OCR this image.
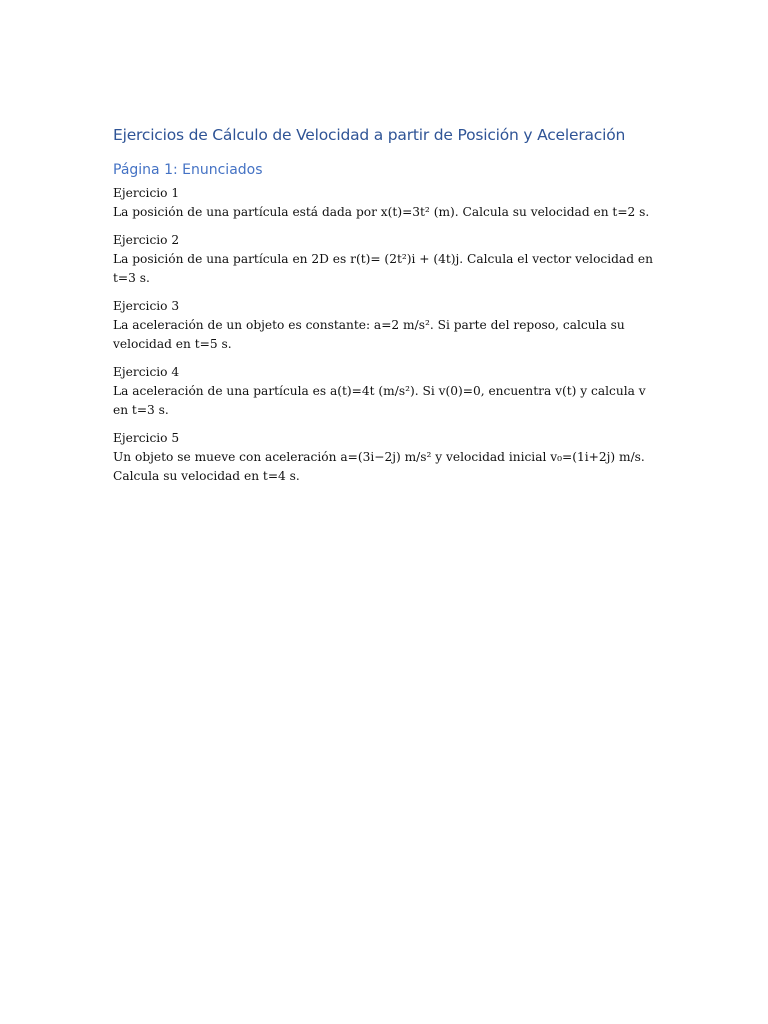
Ejercicios de Cálculo de Velocidad a partir de Posición y Aceleración
Página 1: Enunciados

Ejercicio 1

La posición de una partícula está dada por x(t)=3t² (m). Calcula su velocidad en t=2 s.

Ejercicio 2

La posición de una partícula en 2D es r(t)= (2t²)i + (4t)j. Calcula el vector velocidad en t=3 s.

Ejercicio 3

La aceleración de un objeto es constante: a=2 m/s². Si parte del reposo, calcula su velocidad en t=5 s.

Ejercicio 4

La aceleración de una partícula es a(t)=4t (m/s²). Si v(0)=0, encuentra v(t) y calcula v en t=3 s.

Ejercicio 5

Un objeto se mueve con aceleración a=(3i−2j) m/s² y velocidad inicial v₀=(1i+2j) m/s. Calcula su velocidad en t=4 s.
